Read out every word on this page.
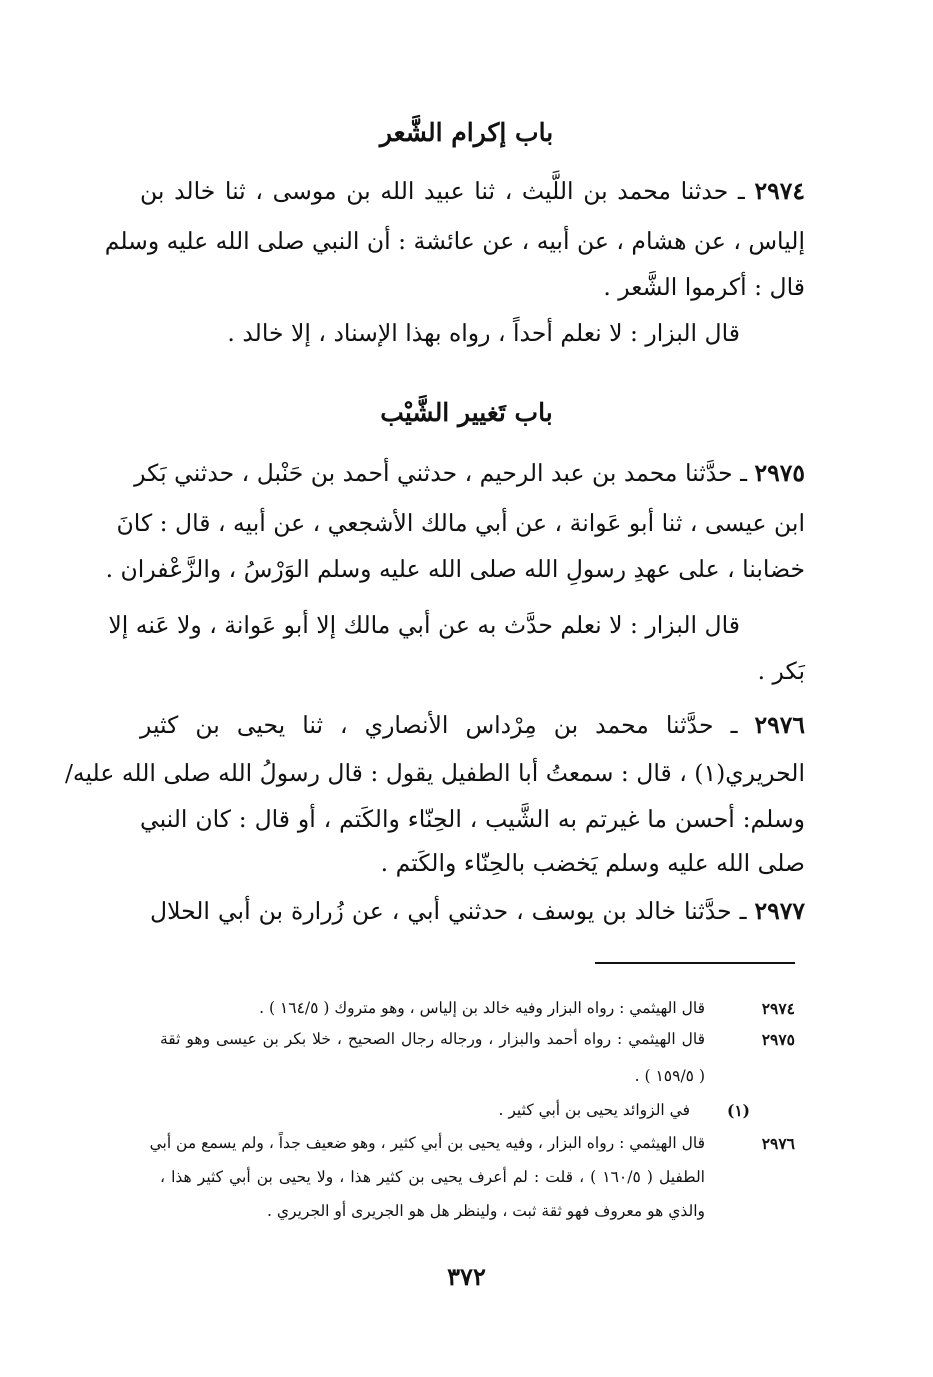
باب إكرام الشَّعر
٢٩٧٤ ـ حدثنا محمد بن اللَّيث ، ثنا عبيد الله بن موسى ، ثنا خالد بن
إلياس ، عن هشام ، عن أبيه ، عن عائشة : أن النبي صلى الله عليه وسلم
قال : أكرموا الشَّعر .
قال البزار : لا نعلم أحداً ، رواه بهذا الإسناد ، إلا خالد .
باب تَغيير الشَّيْب
٢٩٧٥ ـ حدَّثنا محمد بن عبد الرحيم ، حدثني أحمد بن حَنْبل ، حدثني بَكر
ابن عيسى ، ثنا أبو عَوانة ، عن أبي مالك الأشجعي ، عن أبيه ، قال : كانَ
خضابنا ، على عهدِ رسولِ الله صلى الله عليه وسلم الوَرْسُ ، والزَّعْفران .
قال البزار : لا نعلم حدَّث به عن أبي مالك إلا أبو عَوانة ، ولا عَنه إلا
بَكر .
٢٩٧٦ ـ حدَّثنا محمد بن مِرْداس الأنصاري ، ثنا يحيى بن كثير
الحريري(١) ، قال : سمعتُ أبا الطفيل يقول : قال رسولُ الله صلى الله عليه/
وسلم: أحسن ما غيرتم به الشَّيب ، الحِنّاء والكَتم ، أو قال : كان النبي
صلى الله عليه وسلم يَخضب بالحِنّاء والكَتم .
٢٩٧٧ ـ حدَّثنا خالد بن يوسف ، حدثني أبي ، عن زُرارة بن أبي الحلال
٢٩٧٤
قال الهيثمي : رواه البزار وفيه خالد بن إلياس ، وهو متروك ( ١٦٤/٥ ) .
٢٩٧٥
قال الهيثمي : رواه أحمد والبزار ، ورجاله رجال الصحيح ، خلا بكر بن عيسى وهو ثقة
( ١٥٩/٥ ) .
(١)
في الزوائد يحيى بن أبي كثير .
٢٩٧٦
قال الهيثمي : رواه البزار ، وفيه يحيى بن أبي كثير ، وهو ضعيف جداً ، ولم يسمع من أبي
الطفيل ( ١٦٠/٥ ) ، قلت : لم أعرف يحيى بن كثير هذا ، ولا يحيى بن أبي كثير هذا ،
والذي هو معروف فهو ثقة ثبت ، ولينظر هل هو الجريرى أو الجريري .
٣٧٢
